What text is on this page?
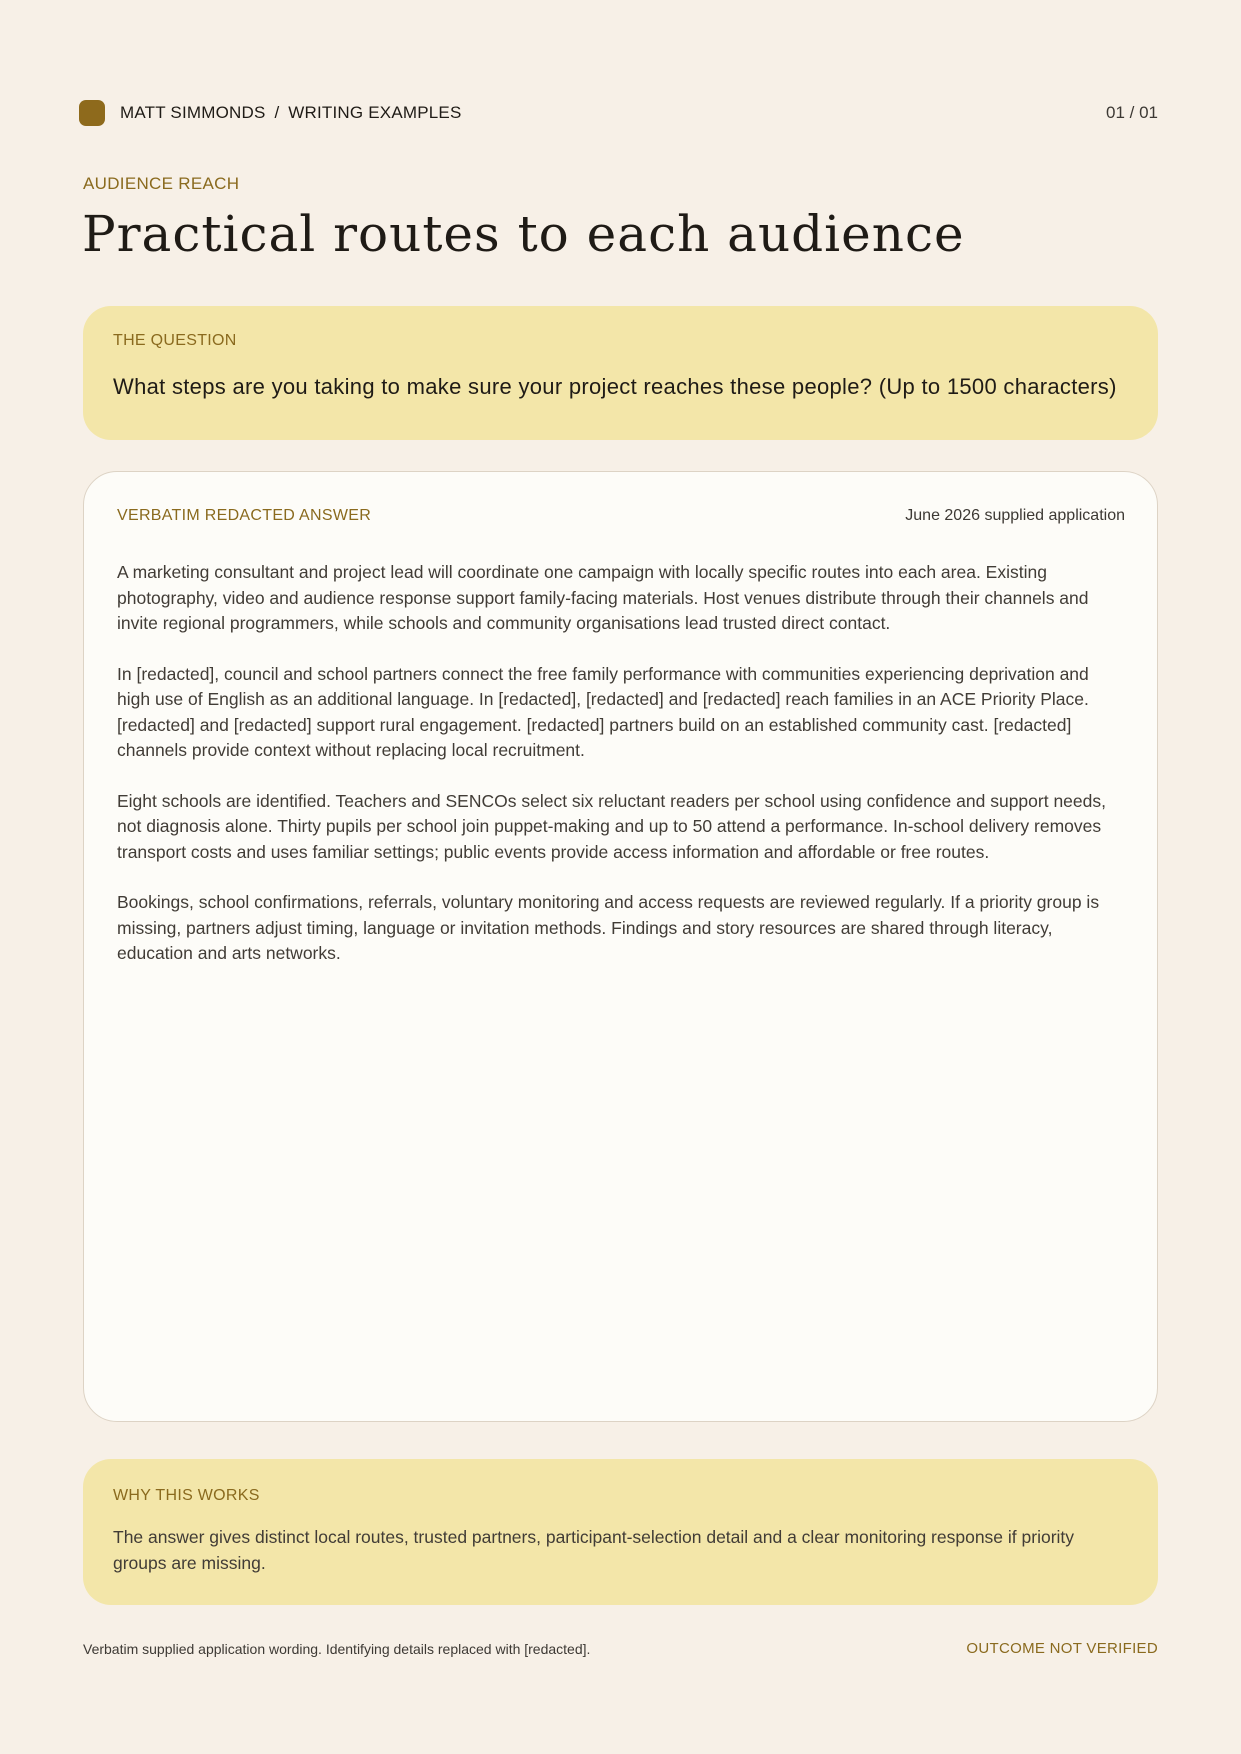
MATT SIMMONDS / WRITING EXAMPLES	01 / 01
AUDIENCE REACH
Practical routes to each audience
THE QUESTION
What steps are you taking to make sure your project reaches these people? (Up to 1500 characters)
VERBATIM REDACTED ANSWER	June 2026 supplied application

A marketing consultant and project lead will coordinate one campaign with locally specific routes into each area. Existing photography, video and audience response support family-facing materials. Host venues distribute through their channels and invite regional programmers, while schools and community organisations lead trusted direct contact.

In [redacted], council and school partners connect the free family performance with communities experiencing deprivation and high use of English as an additional language. In [redacted], [redacted] and [redacted] reach families in an ACE Priority Place. [redacted] and [redacted] support rural engagement. [redacted] partners build on an established community cast. [redacted] channels provide context without replacing local recruitment.

Eight schools are identified. Teachers and SENCOs select six reluctant readers per school using confidence and support needs, not diagnosis alone. Thirty pupils per school join puppet-making and up to 50 attend a performance. In-school delivery removes transport costs and uses familiar settings; public events provide access information and affordable or free routes.

Bookings, school confirmations, referrals, voluntary monitoring and access requests are reviewed regularly. If a priority group is missing, partners adjust timing, language or invitation methods. Findings and story resources are shared through literacy, education and arts networks.

WHY THIS WORKS
The answer gives distinct local routes, trusted partners, participant-selection detail and a clear monitoring response if priority groups are missing.
Verbatim supplied application wording. Identifying details replaced with [redacted].	OUTCOME NOT VERIFIED
